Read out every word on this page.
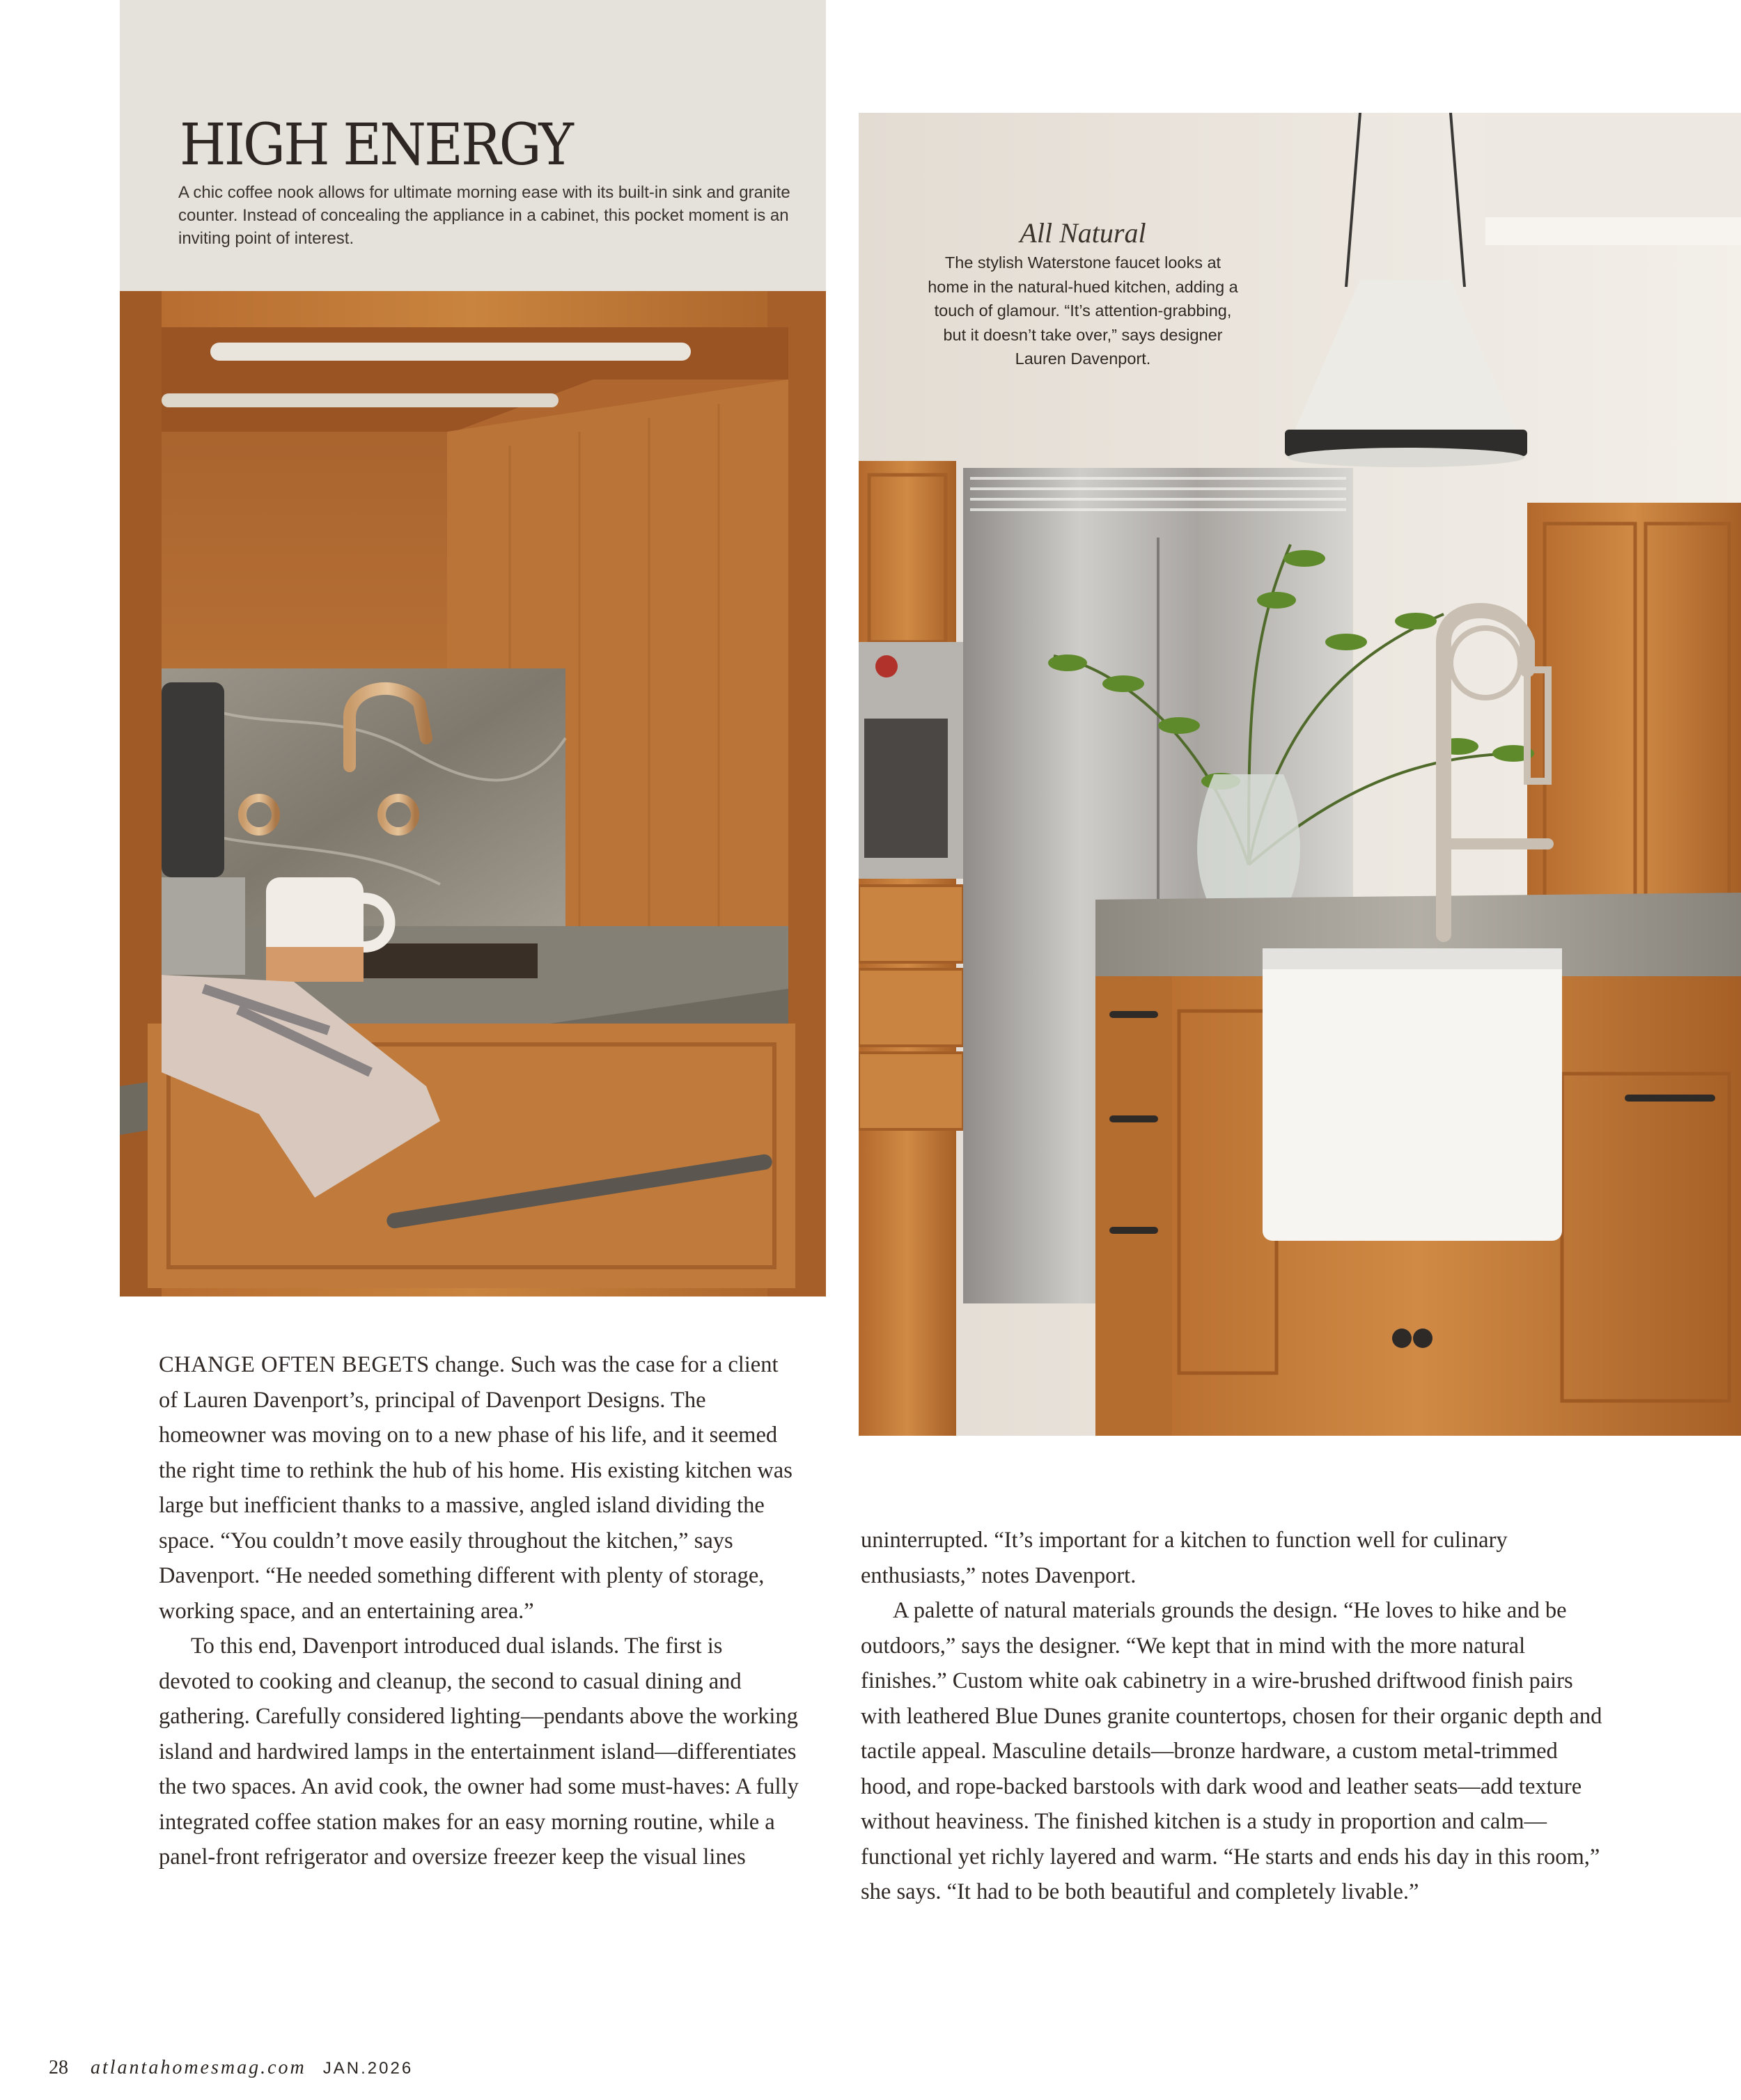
HIGH ENERGY

A chic coffee nook allows for ultimate morning ease with its built-in sink and granite counter. Instead of concealing the appliance in a cabinet, this pocket moment is an inviting point of interest.	All Natural

The stylish Waterstone faucet looks at home in the natural-hued kitchen, adding a touch of glamour. “It’s attention-grabbing, but it doesn’t take over,” says designer Lauren Davenport.

CHANGE OFTEN BEGETS change. Such was the case for a client of Lauren Davenport’s, principal of Davenport Designs. The homeowner was moving on to a new phase of his life, and it seemed the right time to rethink the hub of his home. His existing kitchen was large but inefficient thanks to a massive, angled island dividing the space. “You couldn’t move easily throughout the kitchen,” says Davenport. “He needed something different with plenty of storage, working space, and an entertaining area.”

To this end, Davenport introduced dual islands. The first is devoted to cooking and cleanup, the second to casual dining and gathering. Carefully considered lighting—pendants above the working island and hardwired lamps in the entertainment island—differentiates the two spaces. An avid cook, the owner had some must-haves: A fully integrated coffee station makes for an easy morning routine, while a panel-front refrigerator and oversize freezer keep the visual lines

uninterrupted. “It’s important for a kitchen to function well for culinary enthusiasts,” notes Davenport.

A palette of natural materials grounds the design. “He loves to hike and be outdoors,” says the designer. “We kept that in mind with the more natural finishes.” Custom white oak cabinetry in a wire-brushed driftwood finish pairs with leathered Blue Dunes granite countertops, chosen for their organic depth and tactile appeal. Masculine details—bronze hardware, a custom metal-trimmed hood, and rope-backed barstools with dark wood and leather seats—add texture without heaviness. The finished kitchen is a study in proportion and calm—functional yet richly layered and warm. “He starts and ends his day in this room,” she says. “It had to be both beautiful and completely livable.”

28 atlantahomesmag.com JAN.2026
